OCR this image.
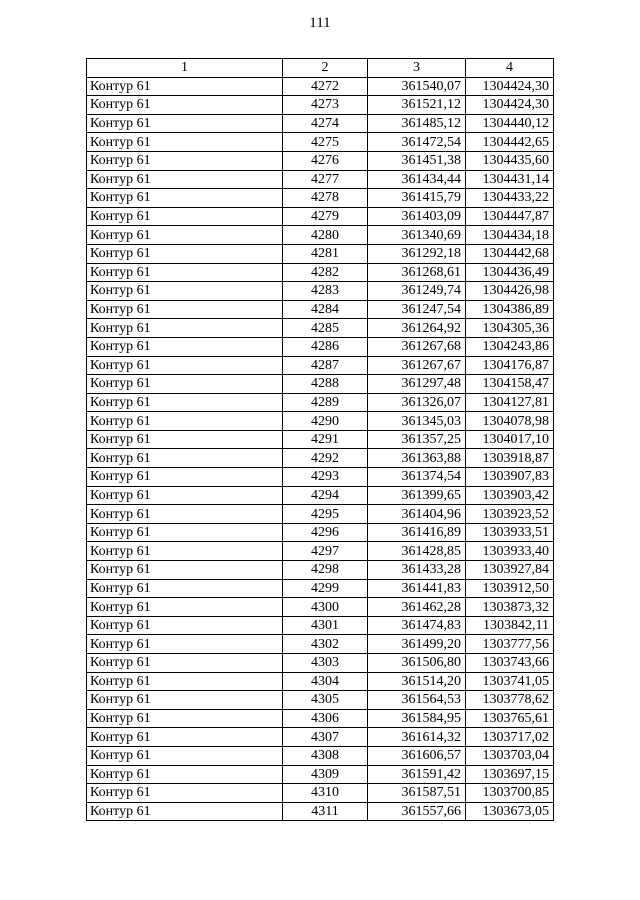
111
1	2	3	4
Контур 61	4272	361540,07	1304424,30
Контур 61	4273	361521,12	1304424,30
Контур 61	4274	361485,12	1304440,12
Контур 61	4275	361472,54	1304442,65
Контур 61	4276	361451,38	1304435,60
Контур 61	4277	361434,44	1304431,14
Контур 61	4278	361415,79	1304433,22
Контур 61	4279	361403,09	1304447,87
Контур 61	4280	361340,69	1304434,18
Контур 61	4281	361292,18	1304442,68
Контур 61	4282	361268,61	1304436,49
Контур 61	4283	361249,74	1304426,98
Контур 61	4284	361247,54	1304386,89
Контур 61	4285	361264,92	1304305,36
Контур 61	4286	361267,68	1304243,86
Контур 61	4287	361267,67	1304176,87
Контур 61	4288	361297,48	1304158,47
Контур 61	4289	361326,07	1304127,81
Контур 61	4290	361345,03	1304078,98
Контур 61	4291	361357,25	1304017,10
Контур 61	4292	361363,88	1303918,87
Контур 61	4293	361374,54	1303907,83
Контур 61	4294	361399,65	1303903,42
Контур 61	4295	361404,96	1303923,52
Контур 61	4296	361416,89	1303933,51
Контур 61	4297	361428,85	1303933,40
Контур 61	4298	361433,28	1303927,84
Контур 61	4299	361441,83	1303912,50
Контур 61	4300	361462,28	1303873,32
Контур 61	4301	361474,83	1303842,11
Контур 61	4302	361499,20	1303777,56
Контур 61	4303	361506,80	1303743,66
Контур 61	4304	361514,20	1303741,05
Контур 61	4305	361564,53	1303778,62
Контур 61	4306	361584,95	1303765,61
Контур 61	4307	361614,32	1303717,02
Контур 61	4308	361606,57	1303703,04
Контур 61	4309	361591,42	1303697,15
Контур 61	4310	361587,51	1303700,85
Контур 61	4311	361557,66	1303673,05
